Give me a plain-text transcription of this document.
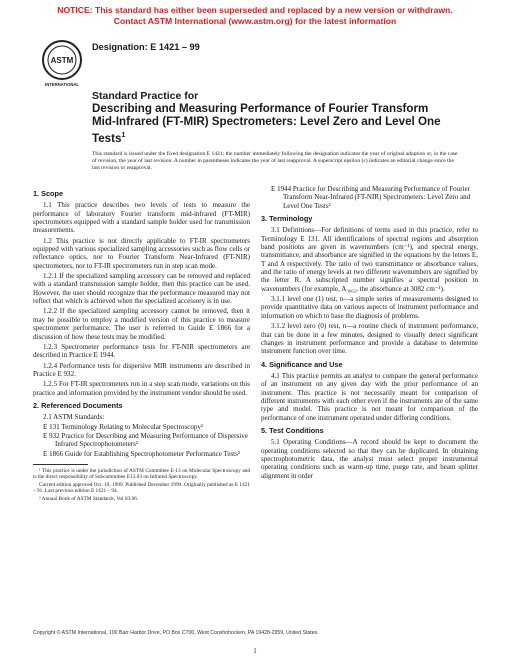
NOTICE: This standard has either been superseded and replaced by a new version or withdrawn.
Contact ASTM International (www.astm.org) for the latest information
ASTM
INTERNATIONAL
Designation: E 1421 – 99
Standard Practice for
Describing and Measuring Performance of Fourier Transform Mid-Infrared (FT-MIR) Spectrometers: Level Zero and Level One Tests$^1$
This standard is issued under the fixed designation E 1421; the number immediately following the designation indicates the year of original adoption or, in the case of revision, the year of last revision. A number in parentheses indicates the year of last reapproval. A superscript epsilon (ε) indicates an editorial change since the last revision or reapproval.
1. Scope

1.1 This practice describes two levels of tests to measure the performance of laboratory Fourier transform mid-infrared (FT-MIR) spectrometers equipped with a standard sample holder used for transmission measurements.

1.2 This practice is not directly applicable to FT-IR spectrometers equipped with various specialized sampling accessories such as flow cells or reflectance optics, nor to Fourier Transform Near-Infrared (FT-NIR) spectrometers, nor to FT-IR spectrometers run in step scan mode.

1.2.1 If the specialized sampling accessory can be removed and replaced with a standard transmission sample holder, then this practice can be used. However, the user should recognize that the performance measured may not reflect that which is achieved when the specialized accessory is in use.

1.2.2 If the specialized sampling accessory cannot be removed, then it may be possible to employ a modified version of this practice to measure spectrometer performance. The user is referred to Guide E 1866 for a discussion of how these tests may be modified.

1.2.3 Spectrometer performance tests for FT-NIR spectrometers are described in Practice E 1944.

1.2.4 Performance tests for dispersive MIR instruments are described in Practice E 932.

1.2.5 For FT-IR spectrometers run in a step scan mode, variations on this practice and information provided by the instrument vendor should be used.

2. Referenced Documents

2.1 ASTM Standards:

E 131 Terminology Relating to Molecular Spectroscopy²

E 932 Practice for Describing and Measuring Performance of Dispersive Infrared Spectrophotometers²

E 1866 Guide for Establishing Spectrophotometer Performance Tests²

¹ This practice is under the jurisdiction of ASTM Committee E-13 on Molecular Spectroscopy and is the direct responsibility of Subcommittee E13.03 on Infrared Spectroscopy.

Current edition approved Oct. 10, 1999. Published December 1999. Originally published as E 1421 – 91. Last previous edition E 1421 – 94.

² Annual Book of ASTM Standards, Vol 03.06.

E 1944 Practice for Describing and Measuring Performance of Fourier Transform Near-Infrared (FT-NIR) Spectrometers: Level Zero and Level One Tests²

3. Terminology

3.1 Definitions—For definitions of terms used in this practice, refer to Terminology E 131. All identifications of spectral regions and absorption band positions are given in wavenumbers (cm⁻¹), and spectral energy, transmittance, and absorbance are signified in the equations by the letters E, T and A respectively. The ratio of two transmittance or absorbance values, and the ratio of energy levels at two different wavenumbers are signified by the letter R. A subscripted number signifies a spectral position in wavenumbers (for example, A₃₀₆₂, the absorbance at 3082 cm⁻¹).

3.1.1 level one (1) test, n—a simple series of measurements designed to provide quantitative data on various aspects of instrument performance and information on which to base the diagnosis of problems.

3.1.2 level zero (0) test, n—a routine check of instrument performance, that can be done in a few minutes, designed to visually detect significant changes in instrument performance and provide a database to determine instrument function over time.

4. Significance and Use

4.1 This practice permits an analyst to compare the general performance of an instrument on any given day with the prior performance of an instrument. This practice is not necessarily meant for comparison of different instruments with each other even if the instruments are of the same type and model. This practice is not meant for comparison of the performance of one instrument operated under differing conditions.

5. Test Conditions

5.1 Operating Conditions—A record should be kept to document the operating conditions selected so that they can be duplicated. In obtaining spectrophotometric data, the analyst must select proper instrumental operating conditions such as warm-up time, purge rate, and beam splitter alignment in order

Copyright © ASTM International, 100 Barr Harbor Drive, PO Box C700, West Conshohocken, PA 19428-2959, United States.
1
